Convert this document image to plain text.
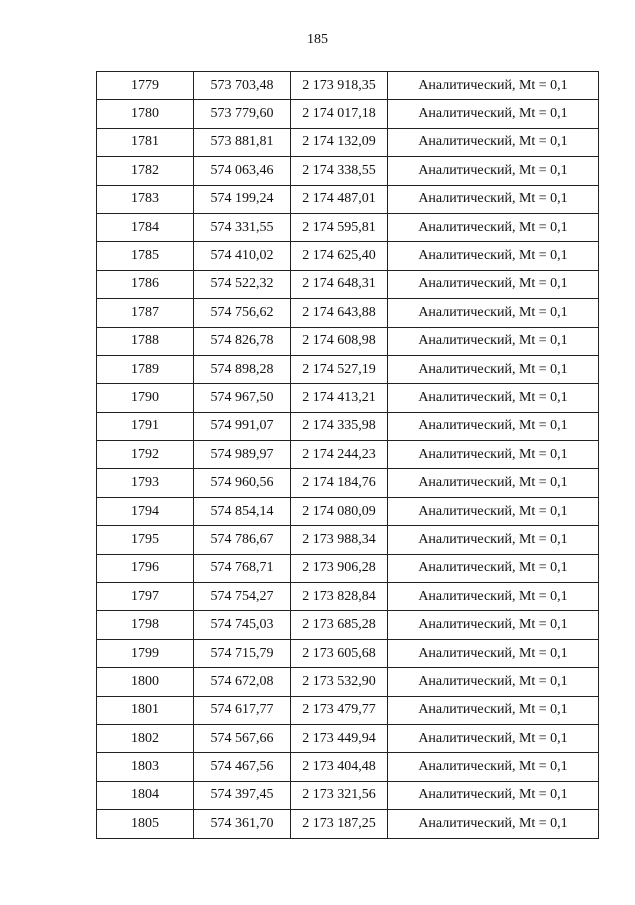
185
1779	573 703,48	2 173 918,35	Аналитический, Mt = 0,1
1780	573 779,60	2 174 017,18	Аналитический, Mt = 0,1
1781	573 881,81	2 174 132,09	Аналитический, Mt = 0,1
1782	574 063,46	2 174 338,55	Аналитический, Mt = 0,1
1783	574 199,24	2 174 487,01	Аналитический, Mt = 0,1
1784	574 331,55	2 174 595,81	Аналитический, Mt = 0,1
1785	574 410,02	2 174 625,40	Аналитический, Mt = 0,1
1786	574 522,32	2 174 648,31	Аналитический, Mt = 0,1
1787	574 756,62	2 174 643,88	Аналитический, Mt = 0,1
1788	574 826,78	2 174 608,98	Аналитический, Mt = 0,1
1789	574 898,28	2 174 527,19	Аналитический, Mt = 0,1
1790	574 967,50	2 174 413,21	Аналитический, Mt = 0,1
1791	574 991,07	2 174 335,98	Аналитический, Mt = 0,1
1792	574 989,97	2 174 244,23	Аналитический, Mt = 0,1
1793	574 960,56	2 174 184,76	Аналитический, Mt = 0,1
1794	574 854,14	2 174 080,09	Аналитический, Mt = 0,1
1795	574 786,67	2 173 988,34	Аналитический, Mt = 0,1
1796	574 768,71	2 173 906,28	Аналитический, Mt = 0,1
1797	574 754,27	2 173 828,84	Аналитический, Mt = 0,1
1798	574 745,03	2 173 685,28	Аналитический, Mt = 0,1
1799	574 715,79	2 173 605,68	Аналитический, Mt = 0,1
1800	574 672,08	2 173 532,90	Аналитический, Mt = 0,1
1801	574 617,77	2 173 479,77	Аналитический, Mt = 0,1
1802	574 567,66	2 173 449,94	Аналитический, Mt = 0,1
1803	574 467,56	2 173 404,48	Аналитический, Mt = 0,1
1804	574 397,45	2 173 321,56	Аналитический, Mt = 0,1
1805	574 361,70	2 173 187,25	Аналитический, Mt = 0,1
